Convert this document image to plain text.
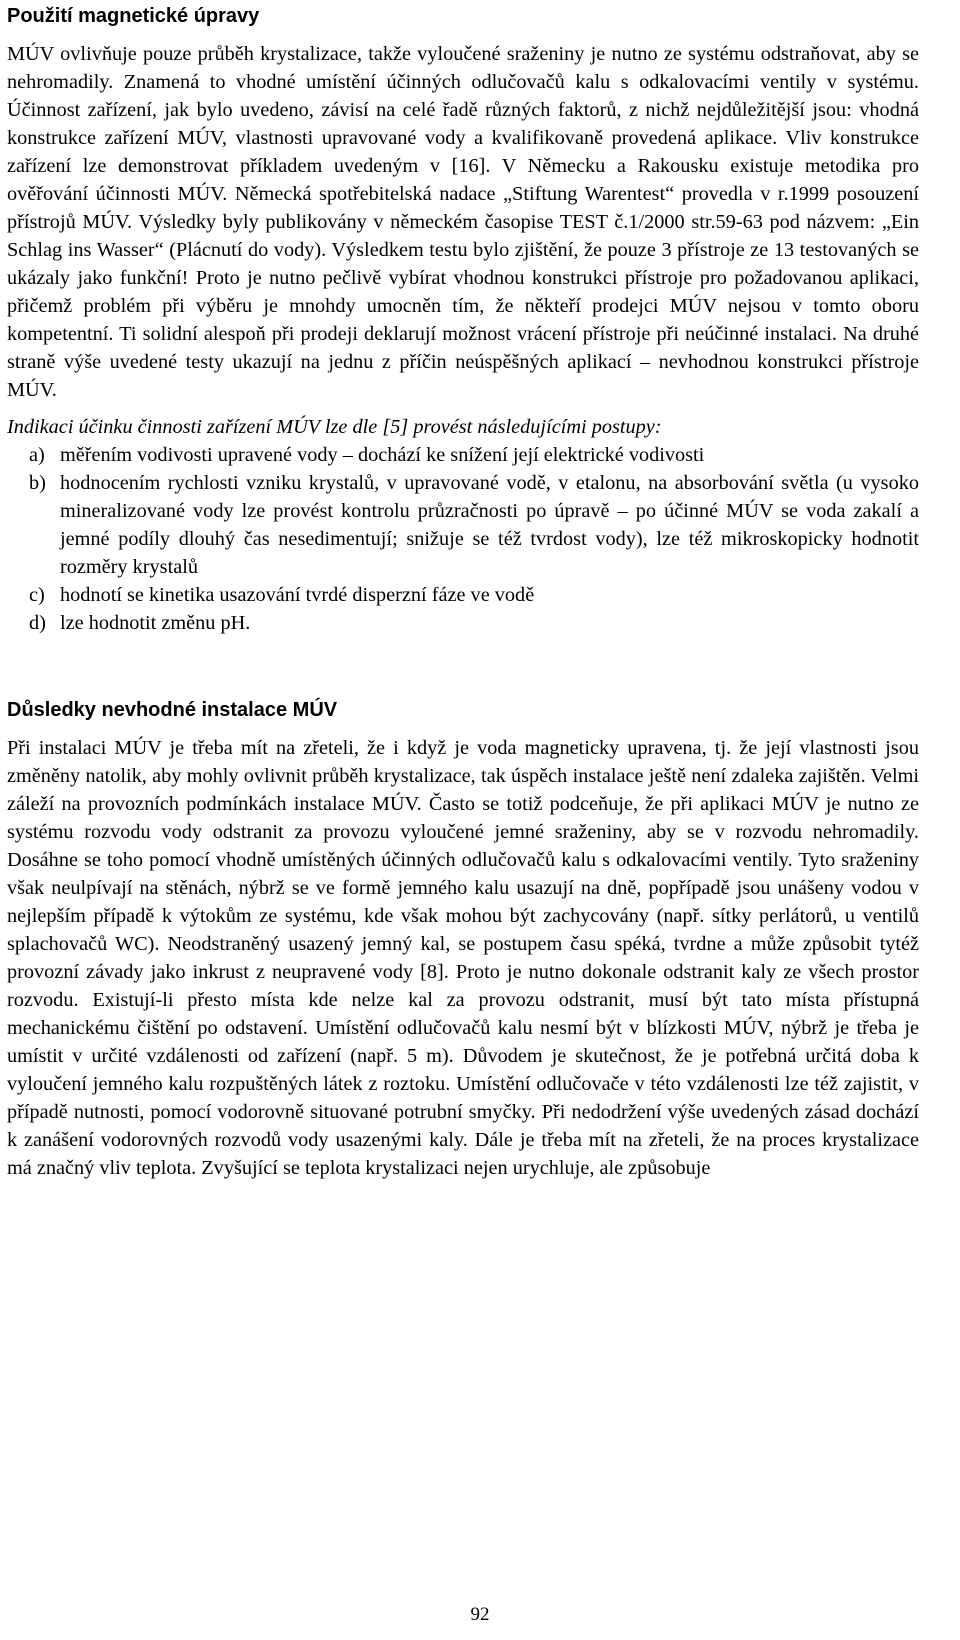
Použití magnetické úpravy

MÚV ovlivňuje pouze průběh krystalizace, takže vyloučené sraženiny je nutno ze systému odstraňovat, aby se nehromadily. Znamená to vhodné umístění účinných odlučovačů kalu s odkalovacími ventily v systému. Účinnost zařízení, jak bylo uvedeno, závisí na celé řadě různých faktorů, z nichž nejdůležitější jsou: vhodná konstrukce zařízení MÚV, vlastnosti upravované vody a kvalifikovaně provedená aplikace. Vliv konstrukce zařízení lze demonstrovat příkladem uvedeným v [16]. V Německu a Rakousku existuje metodika pro ověřování účinnosti MÚV. Německá spotřebitelská nadace „Stiftung Warentest“ provedla v r.1999 posouzení přístrojů MÚV. Výsledky byly publikovány v německém časopise TEST č.1/2000 str.59-63 pod názvem: „Ein Schlag ins Wasser“ (Plácnutí do vody). Výsledkem testu bylo zjištění, že pouze 3 přístroje ze 13 testovaných se ukázaly jako funkční! Proto je nutno pečlivě vybírat vhodnou konstrukci přístroje pro požadovanou aplikaci, přičemž problém při výběru je mnohdy umocněn tím, že někteří prodejci MÚV nejsou v tomto oboru kompetentní. Ti solidní alespoň při prodeji deklarují možnost vrácení přístroje při neúčinné instalaci. Na druhé straně výše uvedené testy ukazují na jednu z příčin neúspěšných aplikací – nevhodnou konstrukci přístroje MÚV.

Indikaci účinku činnosti zařízení MÚV lze dle [5] provést následujícími postupy:

a) měřením vodivosti upravené vody – dochází ke snížení její elektrické vodivosti
b) hodnocením rychlosti vzniku krystalů, v upravované vodě, v etalonu, na absorbování světla (u vysoko mineralizované vody lze provést kontrolu průzračnosti po úpravě – po účinné MÚV se voda zakalí a jemné podíly dlouhý čas nesedimentují; snižuje se též tvrdost vody), lze též mikroskopicky hodnotit rozměry krystalů
c) hodnotí se kinetika usazování tvrdé disperzní fáze ve vodě
d) lze hodnotit změnu pH.
Důsledky nevhodné instalace MÚV

Při instalaci MÚV je třeba mít na zřeteli, že i když je voda magneticky upravena, tj. že její vlastnosti jsou změněny natolik, aby mohly ovlivnit průběh krystalizace, tak úspěch instalace ještě není zdaleka zajištěn. Velmi záleží na provozních podmínkách instalace MÚV. Často se totiž podceňuje, že při aplikaci MÚV je nutno ze systému rozvodu vody odstranit za provozu vyloučené jemné sraženiny, aby se v rozvodu nehromadily. Dosáhne se toho pomocí vhodně umístěných účinných odlučovačů kalu s odkalovacími ventily. Tyto sraženiny však neulpívají na stěnách, nýbrž se ve formě jemného kalu usazují na dně, popřípadě jsou unášeny vodou v nejlepším případě k výtokům ze systému, kde však mohou být zachycovány (např. sítky perlátorů, u ventilů splachovačů WC). Neodstraněný usazený jemný kal, se postupem času spéká, tvrdne a může způsobit tytéž provozní závady jako inkrust z neupravené vody [8]. Proto je nutno dokonale odstranit kaly ze všech prostor rozvodu. Existují-li přesto místa kde nelze kal za provozu odstranit, musí být tato místa přístupná mechanickému čištění po odstavení. Umístění odlučovačů kalu nesmí být v blízkosti MÚV, nýbrž je třeba je umístit v určité vzdálenosti od zařízení (např. 5 m). Důvodem je skutečnost, že je potřebná určitá doba k vyloučení jemného kalu rozpuštěných látek z roztoku. Umístění odlučovače v této vzdálenosti lze též zajistit, v případě nutnosti, pomocí vodorovně situované potrubní smyčky. Při nedodržení výše uvedených zásad dochází k zanášení vodorovných rozvodů vody usazenými kaly. Dále je třeba mít na zřeteli, že na proces krystalizace má značný vliv teplota. Zvyšující se teplota krystalizaci nejen urychluje, ale způsobuje

92
